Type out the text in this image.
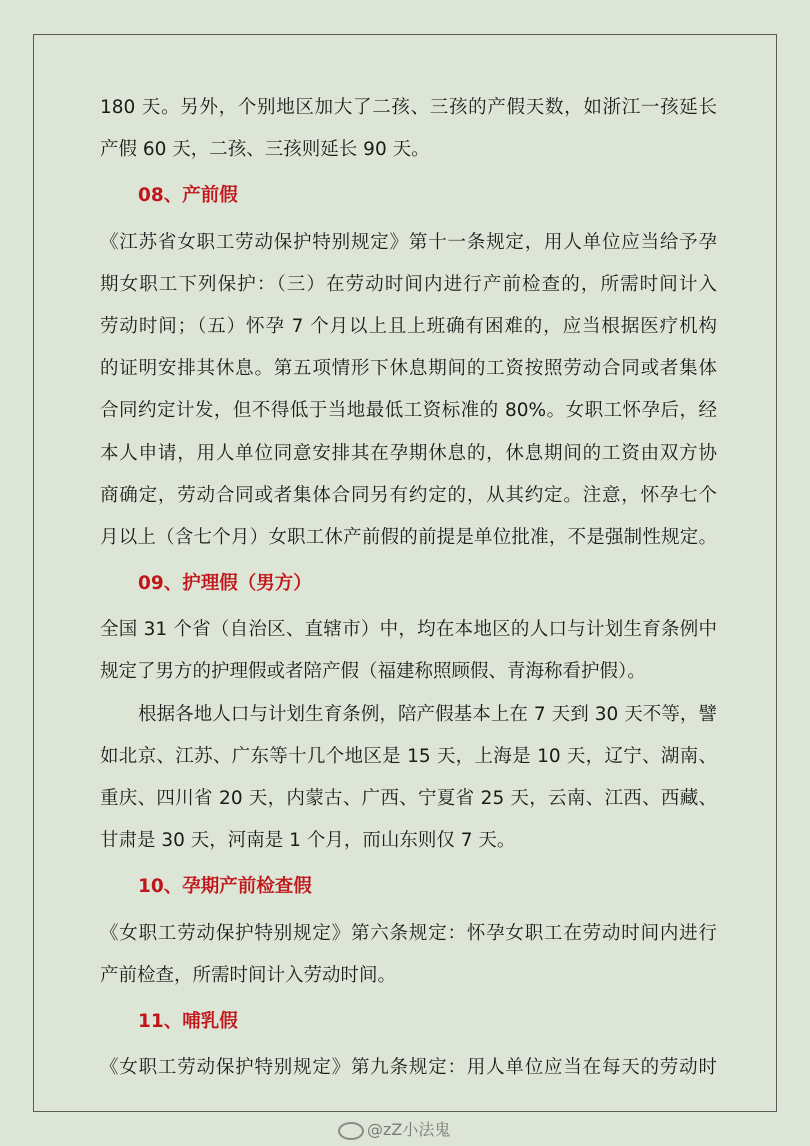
180 天。另外，个别地区加大了二孩、三孩的产假天数，如浙江一孩延长
产假 60 天，二孩、三孩则延长 90 天。
08、产前假
《江苏省女职工劳动保护特别规定》第十一条规定，用人单位应当给予孕
期女职工下列保护：（三）在劳动时间内进行产前检查的，所需时间计入
劳动时间；（五）怀孕 7 个月以上且上班确有困难的，应当根据医疗机构
的证明安排其休息。第五项情形下休息期间的工资按照劳动合同或者集体
合同约定计发，但不得低于当地最低工资标准的 80%。女职工怀孕后，经
本人申请，用人单位同意安排其在孕期休息的，休息期间的工资由双方协
商确定，劳动合同或者集体合同另有约定的，从其约定。注意，怀孕七个
月以上（含七个月）女职工休产前假的前提是单位批准，不是强制性规定。
09、护理假（男方）
全国 31 个省（自治区、直辖市）中，均在本地区的人口与计划生育条例中
规定了男方的护理假或者陪产假（福建称照顾假、青海称看护假）。
根据各地人口与计划生育条例，陪产假基本上在 7 天到 30 天不等，譬
如北京、江苏、广东等十几个地区是 15 天，上海是 10 天，辽宁、湖南、
重庆、四川省 20 天，内蒙古、广西、宁夏省 25 天，云南、江西、西藏、
甘肃是 30 天，河南是 1 个月，而山东则仅 7 天。
10、孕期产前检查假
《女职工劳动保护特别规定》第六条规定：怀孕女职工在劳动时间内进行
产前检查，所需时间计入劳动时间。
11、哺乳假
《女职工劳动保护特别规定》第九条规定：用人单位应当在每天的劳动时
@zZ小法鬼
